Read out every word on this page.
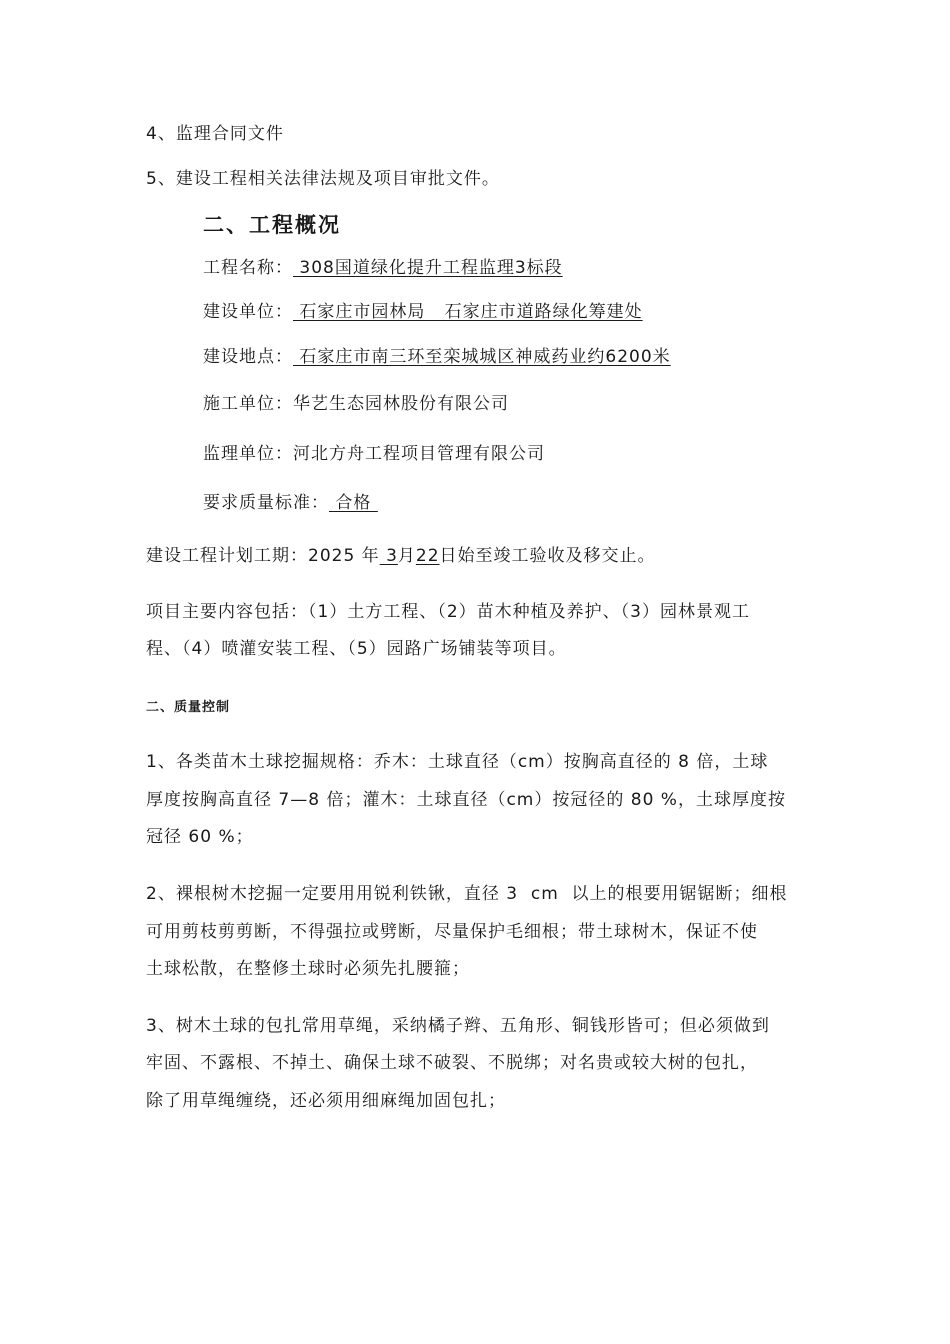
4、监理合同文件
5、建设工程相关法律法规及项目审批文件。
二、工程概况
工程名称： 308国道绿化提升工程监理3标段
建设单位： 石家庄市园林局   石家庄市道路绿化筹建处
建设地点： 石家庄市南三环至栾城城区神威药业约6200米
施工单位：华艺生态园林股份有限公司
监理单位：河北方舟工程项目管理有限公司
要求质量标准： 合格
建设工程计划工期：2025 年 3月22日始至竣工验收及移交止。
项目主要内容包括：（1）土方工程、（2）苗木种植及养护、（3）园林景观工
程、（4）喷灌安装工程、（5）园路广场铺装等项目。
二、质量控制
1、各类苗木土球挖掘规格：乔木：土球直径（cm）按胸高直径的 8 倍，土球
厚度按胸高直径 7—8 倍；灌木：土球直径（cm）按冠径的 80 %，土球厚度按
冠径 60 %；
2、裸根树木挖掘一定要用用锐利铁锹，直径 3  cm  以上的根要用锯锯断；细根
可用剪枝剪剪断，不得强拉或劈断，尽量保护毛细根；带土球树木，保证不使
土球松散，在整修土球时必须先扎腰箍；
3、树木土球的包扎常用草绳，采纳橘子辫、五角形、铜钱形皆可；但必须做到
牢固、不露根、不掉土、确保土球不破裂、不脱绑；对名贵或较大树的包扎，
除了用草绳缠绕，还必须用细麻绳加固包扎；
